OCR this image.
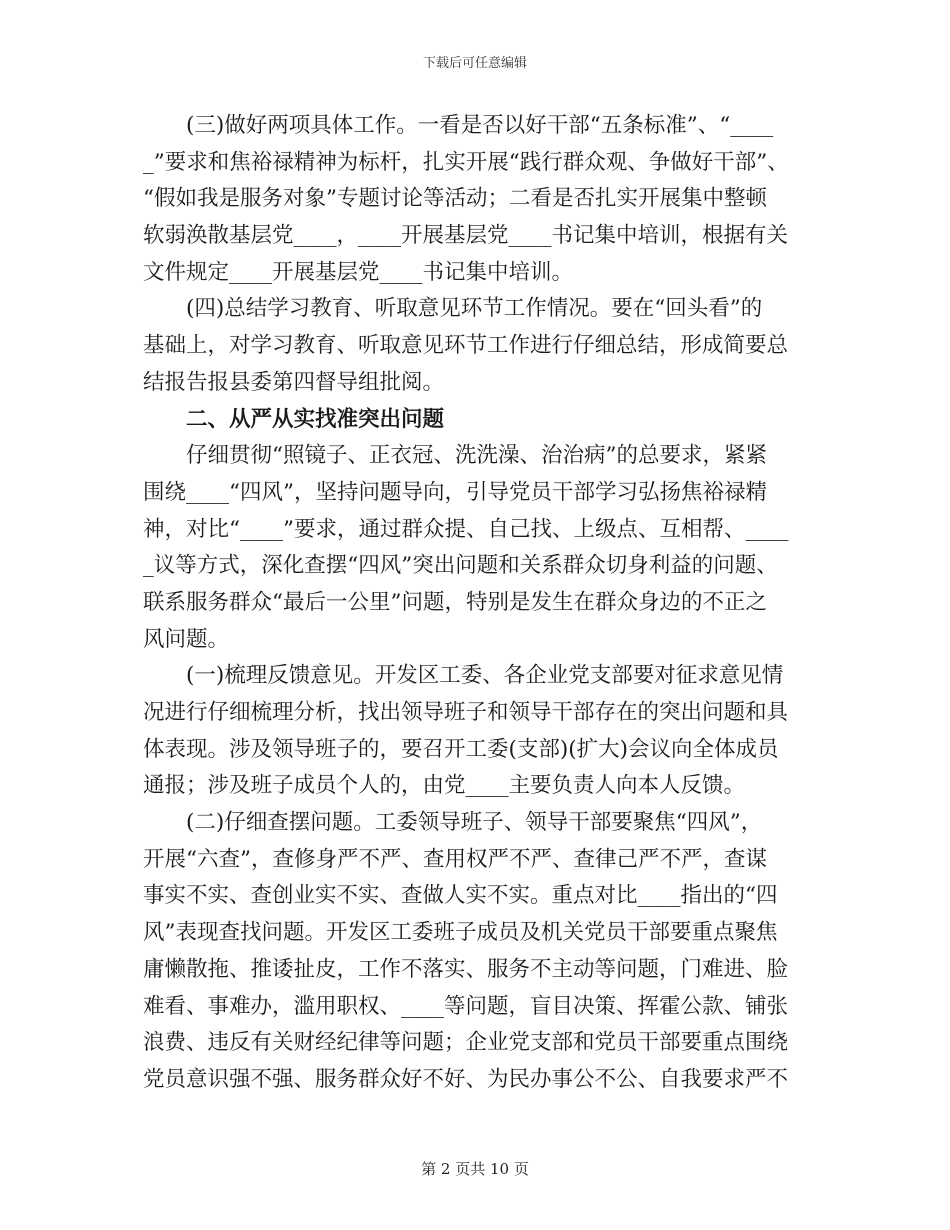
下载后可任意编辑
(三)做好两项具体工作。一看是否以好干部“五条标准”、“____
_”要求和焦裕禄精神为标杆，扎实开展“践行群众观、争做好干部”、
“假如我是服务对象”专题讨论等活动；二看是否扎实开展集中整顿
软弱涣散基层党____，____开展基层党____书记集中培训，根据有关
文件规定____开展基层党____书记集中培训。
(四)总结学习教育、听取意见环节工作情况。要在“回头看”的
基础上，对学习教育、听取意见环节工作进行仔细总结，形成简要总
结报告报县委第四督导组批阅。
二、从严从实找准突出问题
仔细贯彻“照镜子、正衣冠、洗洗澡、治治病”的总要求，紧紧
围绕____“四风”，坚持问题导向，引导党员干部学习弘扬焦裕禄精
神，对比“____”要求，通过群众提、自己找、上级点、互相帮、____
_议等方式，深化查摆“四风”突出问题和关系群众切身利益的问题、
联系服务群众“最后一公里”问题，特别是发生在群众身边的不正之
风问题。
(一)梳理反馈意见。开发区工委、各企业党支部要对征求意见情
况进行仔细梳理分析，找出领导班子和领导干部存在的突出问题和具
体表现。涉及领导班子的，要召开工委(支部)(扩大)会议向全体成员
通报；涉及班子成员个人的，由党____主要负责人向本人反馈。
(二)仔细查摆问题。工委领导班子、领导干部要聚焦“四风”，
开展“六查”，查修身严不严、查用权严不严、查律己严不严，查谋
事实不实、查创业实不实、查做人实不实。重点对比____指出的“四
风”表现查找问题。开发区工委班子成员及机关党员干部要重点聚焦
庸懒散拖、推诿扯皮，工作不落实、服务不主动等问题，门难进、脸
难看、事难办，滥用职权、____等问题，盲目决策、挥霍公款、铺张
浪费、违反有关财经纪律等问题；企业党支部和党员干部要重点围绕
党员意识强不强、服务群众好不好、为民办事公不公、自我要求严不
第 2 页共 10 页
